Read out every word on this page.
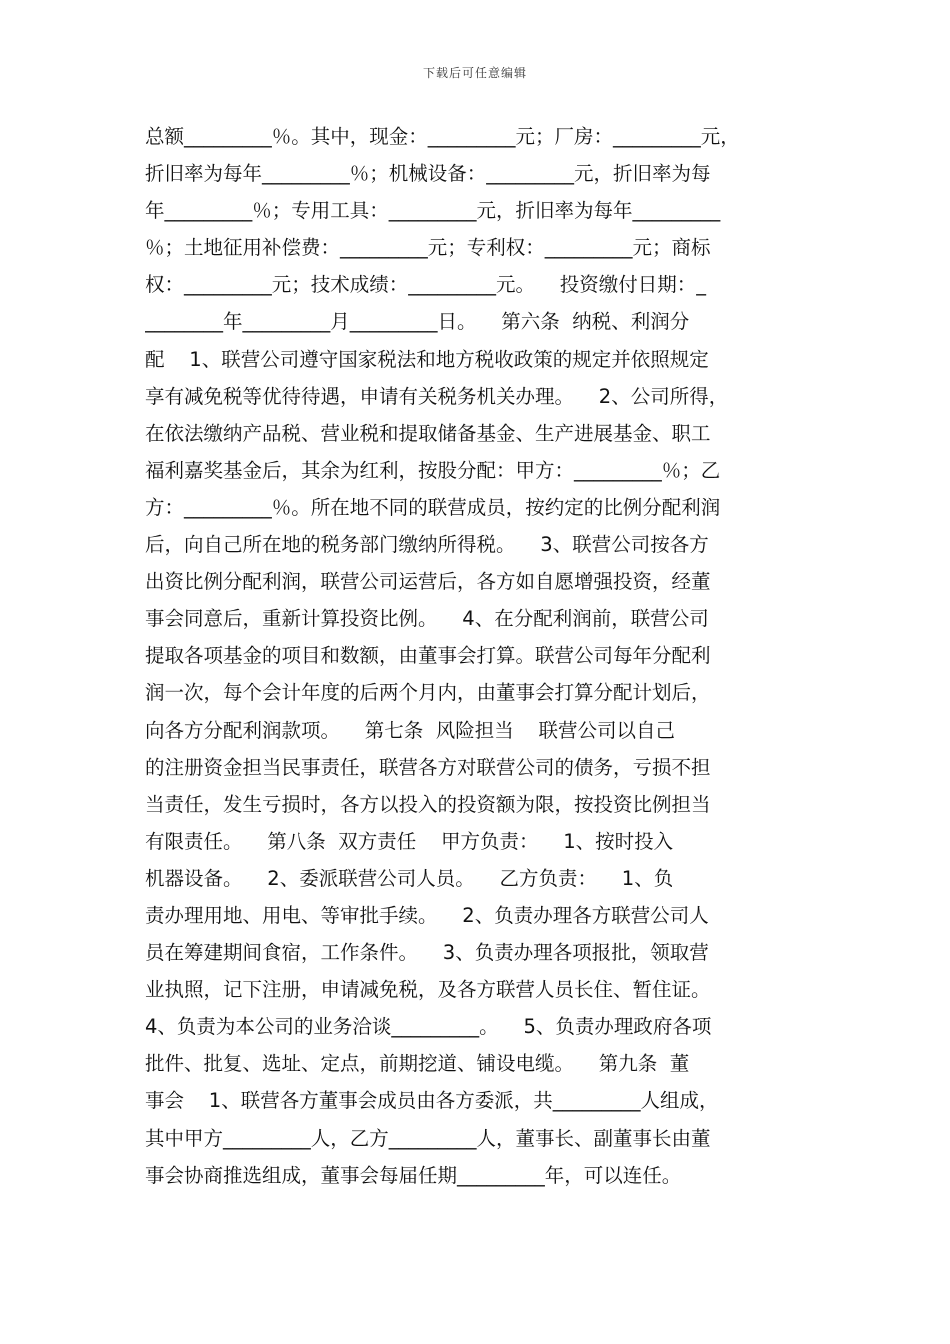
下载后可任意编辑
总额_________％。其中，现金：_________元；厂房：_________元，
折旧率为每年_________％；机械设备：_________元，折旧率为每
年_________％；专用工具：_________元，折旧率为每年_________
％；土地征用补偿费：_________元；专利权：_________元；商标
权：_________元；技术成绩：_________元。    投资缴付日期：_
________年_________月_________日。    第六条  纳税、利润分
配    1、联营公司遵守国家税法和地方税收政策的规定并依照规定
享有减免税等优待待遇，申请有关税务机关办理。    2、公司所得，
在依法缴纳产品税、营业税和提取储备基金、生产进展基金、职工
福利嘉奖基金后，其余为红利，按股分配：甲方：_________％；乙
方：_________％。所在地不同的联营成员，按约定的比例分配利润
后，向自己所在地的税务部门缴纳所得税。    3、联营公司按各方
出资比例分配利润，联营公司运营后，各方如自愿增强投资，经董
事会同意后，重新计算投资比例。    4、在分配利润前，联营公司
提取各项基金的项目和数额，由董事会打算。联营公司每年分配利
润一次，每个会计年度的后两个月内，由董事会打算分配计划后，
向各方分配利润款项。    第七条  风险担当    联营公司以自己
的注册资金担当民事责任，联营各方对联营公司的债务，亏损不担
当责任，发生亏损时，各方以投入的投资额为限，按投资比例担当
有限责任。    第八条  双方责任    甲方负责：    1、按时投入
机器设备。    2、委派联营公司人员。    乙方负责：    1、负
责办理用地、用电、等审批手续。    2、负责办理各方联营公司人
员在筹建期间食宿，工作条件。    3、负责办理各项报批，领取营
业执照，记下注册，申请减免税，及各方联营人员长住、暂住证。
4、负责为本公司的业务洽谈_________。    5、负责办理政府各项
批件、批复、选址、定点，前期挖道、铺设电缆。    第九条  董
事会    1、联营各方董事会成员由各方委派，共_________人组成，
其中甲方_________人，乙方_________人，董事长、副董事长由董
事会协商推选组成，董事会每届任期_________年，可以连任。
